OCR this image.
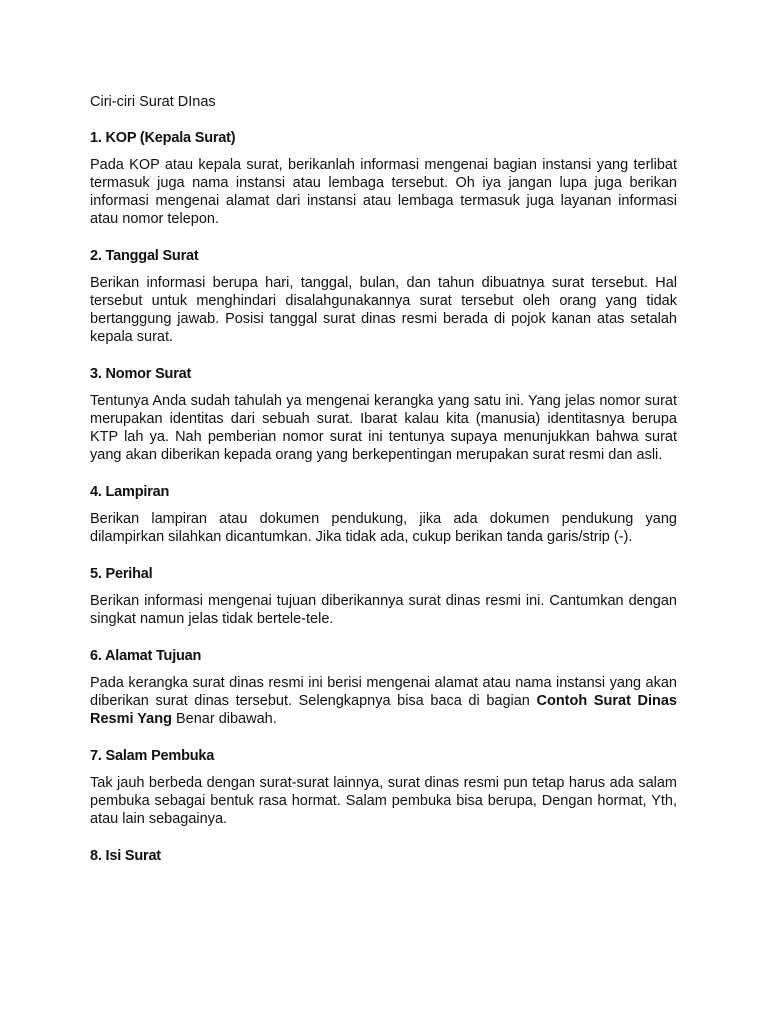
Ciri-ciri Surat DInas
1. KOP (Kepala Surat)
Pada KOP atau kepala surat, berikanlah informasi mengenai bagian instansi yang terlibat termasuk juga nama instansi atau lembaga tersebut. Oh iya jangan lupa juga berikan informasi mengenai alamat dari instansi atau lembaga termasuk juga layanan informasi atau nomor telepon.
2. Tanggal Surat
Berikan informasi berupa hari, tanggal, bulan, dan tahun dibuatnya surat tersebut. Hal tersebut untuk menghindari disalahgunakannya surat tersebut oleh orang yang tidak bertanggung jawab. Posisi tanggal surat dinas resmi berada di pojok kanan atas setalah kepala surat.
3. Nomor Surat
Tentunya Anda sudah tahulah ya mengenai kerangka yang satu ini. Yang jelas nomor surat merupakan identitas dari sebuah surat. Ibarat kalau kita (manusia) identitasnya berupa KTP lah ya. Nah pemberian nomor surat ini tentunya supaya menunjukkan bahwa surat yang akan diberikan kepada orang yang berkepentingan merupakan surat resmi dan asli.
4. Lampiran
Berikan lampiran atau dokumen pendukung, jika ada dokumen pendukung yang dilampirkan silahkan dicantumkan. Jika tidak ada, cukup berikan tanda garis/strip (-).
5. Perihal
Berikan informasi mengenai tujuan diberikannya surat dinas resmi ini. Cantumkan dengan singkat namun jelas tidak bertele-tele.
6. Alamat Tujuan
Pada kerangka surat dinas resmi ini berisi mengenai alamat atau nama instansi yang akan diberikan surat dinas tersebut. Selengkapnya bisa baca di bagian Contoh Surat Dinas Resmi Yang Benar dibawah.
7. Salam Pembuka
Tak jauh berbeda dengan surat-surat lainnya, surat dinas resmi pun tetap harus ada salam pembuka sebagai bentuk rasa hormat. Salam pembuka bisa berupa, Dengan hormat, Yth, atau lain sebagainya.
8. Isi Surat
